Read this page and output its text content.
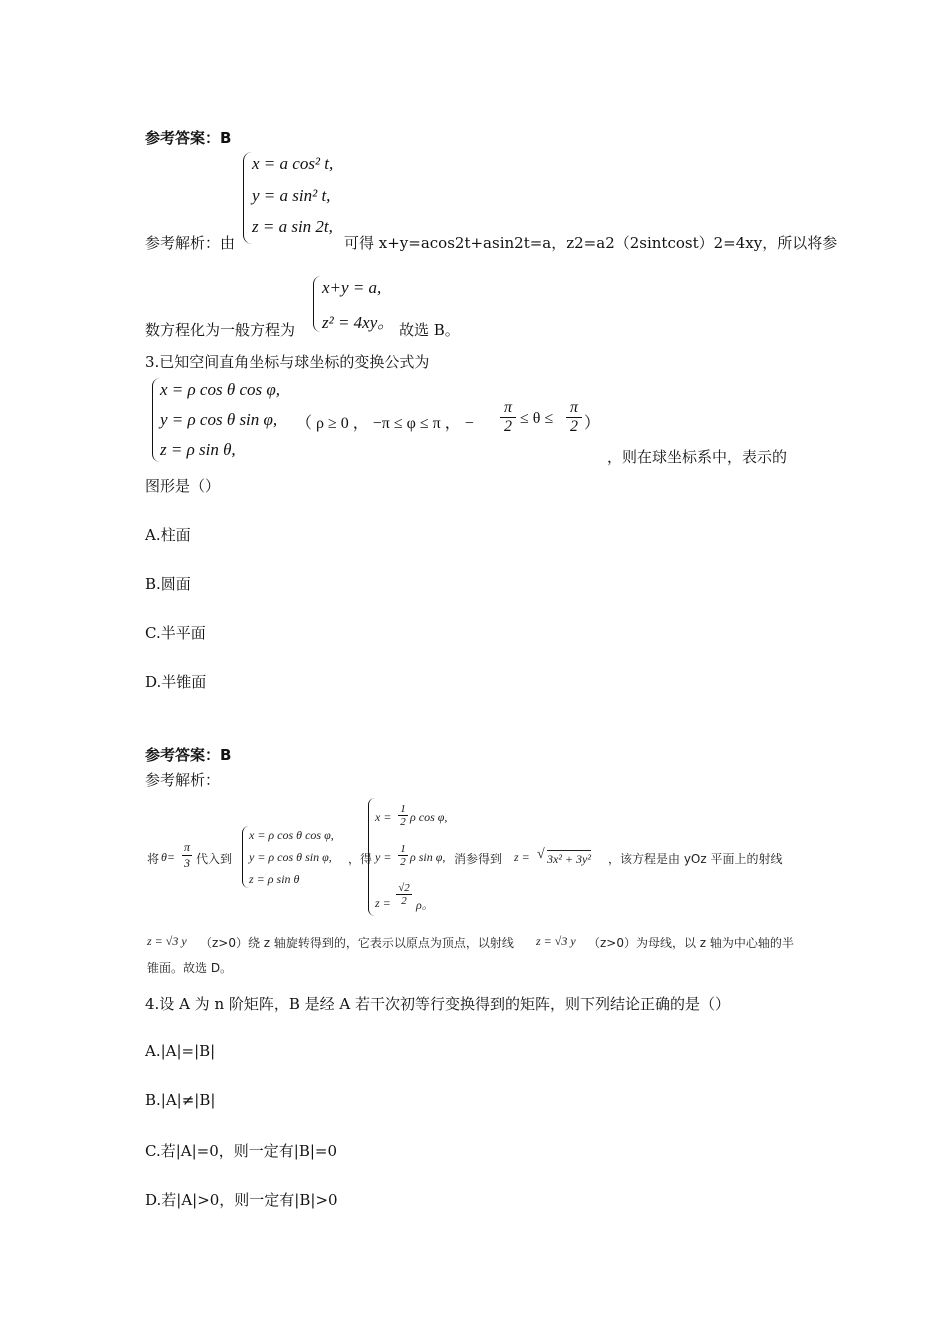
参考答案：B
x = a cos² t,
y = a sin² t,
z = a sin 2t,
参考解析：由	可得 x+y=acos2t+asin2t=a，z2=a2（2sintcost）2=4xy，所以将参
x+y = a,
z² = 4xy。
数方程化为一般方程为	故选 B。
3.已知空间直角坐标与球坐标的变换公式为
x = ρ cos θ cos φ,
y = ρ cos θ sin φ,
z = ρ sin θ,
（ ρ ≥ 0 ， −π ≤ φ ≤ π ， − $\frac{\pi}{2} \le \theta \le \frac{\pi}{2}$ ）
，则在球坐标系中，表示的
图形是（）
A.柱面
B.圆面
C.半平面
D.半锥面
参考答案：B
参考解析：
将 $\theta= \frac{\pi}{3}$ 代入到
x = ρ cos θ cos φ,
y = ρ cos θ sin φ,
z = ρ sin θ
，得
$x = \frac{1}{2}$ ρ cos φ,
$y = \frac{1}{2}$ ρ sin φ, 消参得到 z = √ 3x² + 3y² ，该方程是由 yOz 平面上的射线
$z = \frac{√2}{2}$ ρ。
z = √3 y （z>0）绕 z 轴旋转得到的，它表示以原点为顶点，以射线 z = √3 y （z>0）为母线，以 z 轴为中心轴的半
锥面。故选 D。
4.设 A 为 n 阶矩阵，B 是经 A 若干次初等行变换得到的矩阵，则下列结论正确的是（）
A.|A|=|B|
B.|A|≠|B|
C.若|A|=0，则一定有|B|=0
D.若|A|>0，则一定有|B|>0
